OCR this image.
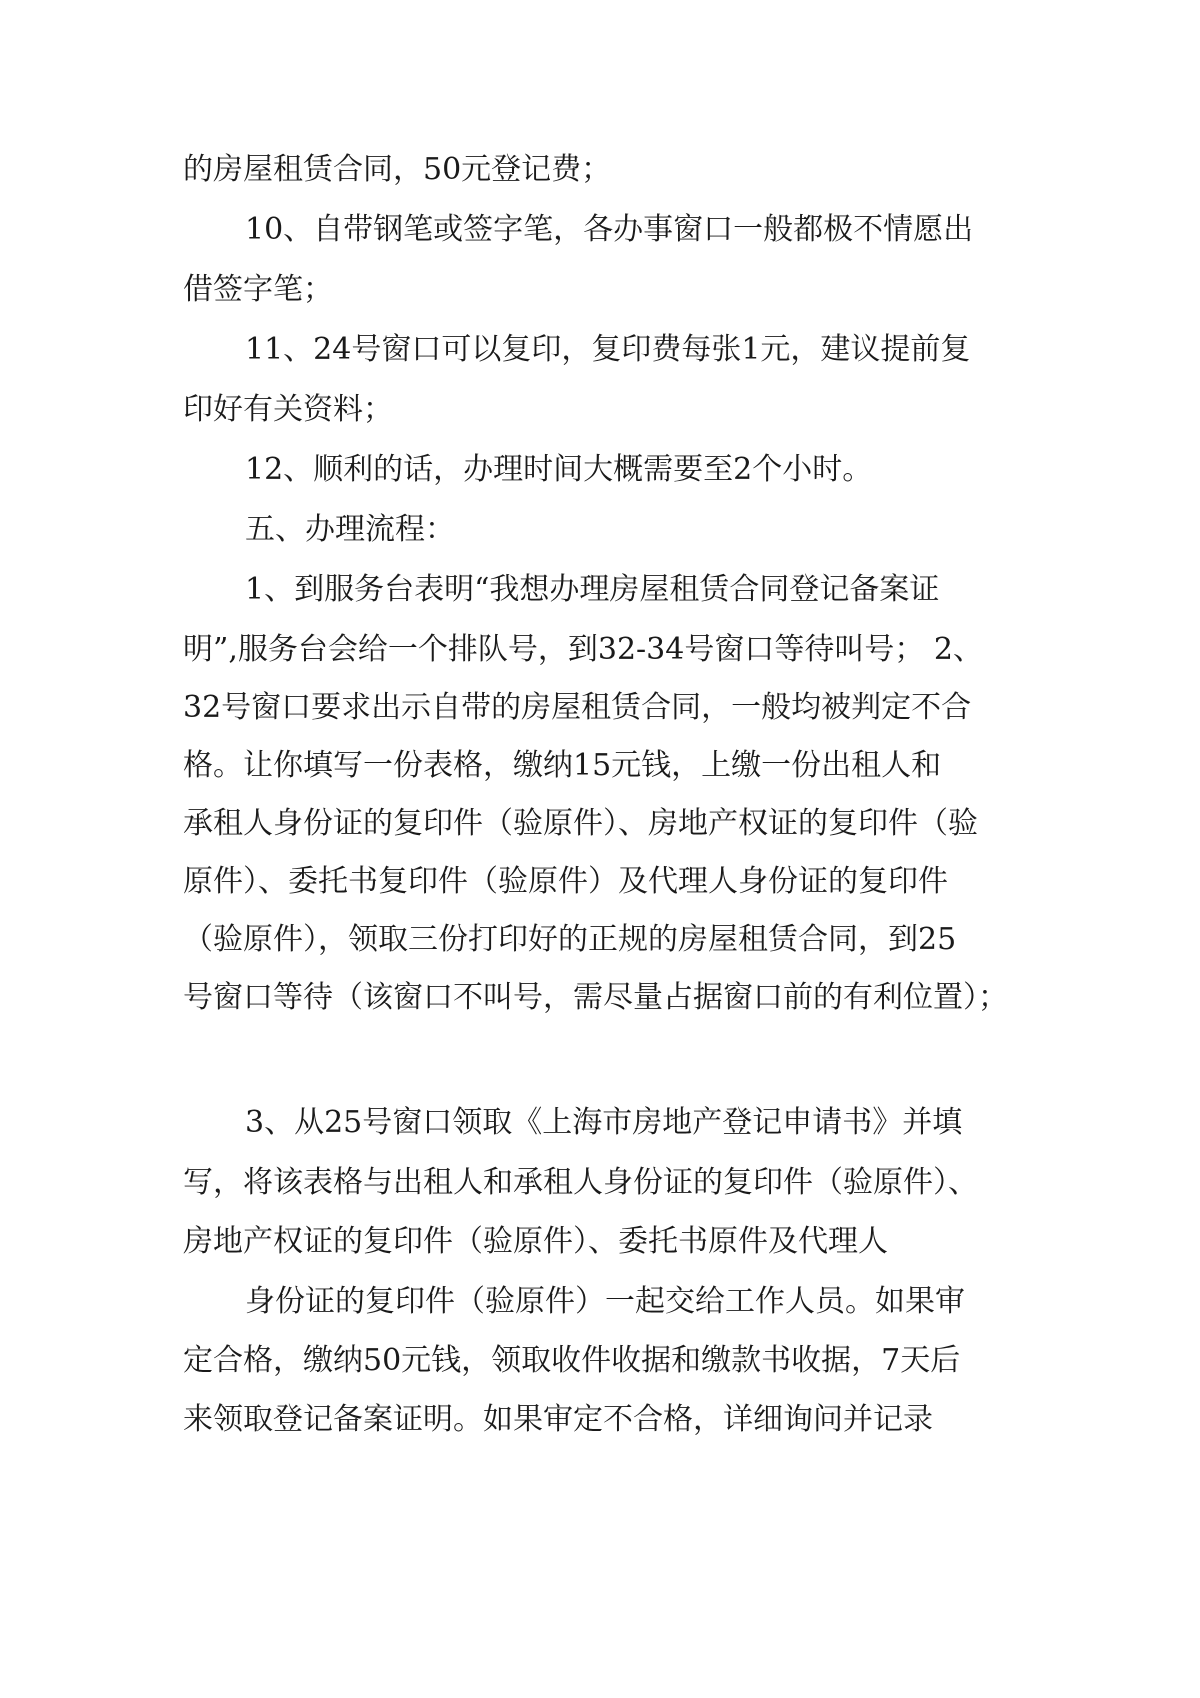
的房屋租赁合同，50元登记费；

10、自带钢笔或签字笔，各办事窗口一般都极不情愿出

借签字笔；

11、24号窗口可以复印，复印费每张1元，建议提前复

印好有关资料；

12、顺利的话，办理时间大概需要至2个小时。

五、办理流程：

1、到服务台表明“我想办理房屋租赁合同登记备案证

明”,服务台会给一个排队号，到32-34号窗口等待叫号； 2、

32号窗口要求出示自带的房屋租赁合同，一般均被判定不合

格。让你填写一份表格，缴纳15元钱，上缴一份出租人和

承租人身份证的复印件（验原件）、房地产权证的复印件（验

原件）、委托书复印件（验原件）及代理人身份证的复印件

（验原件），领取三份打印好的正规的房屋租赁合同，到25

号窗口等待（该窗口不叫号，需尽量占据窗口前的有利位置）；

3、从25号窗口领取《上海市房地产登记申请书》并填

写，将该表格与出租人和承租人身份证的复印件（验原件）、

房地产权证的复印件（验原件）、委托书原件及代理人

身份证的复印件（验原件）一起交给工作人员。如果审

定合格，缴纳50元钱，领取收件收据和缴款书收据，7天后

来领取登记备案证明。如果审定不合格，详细询问并记录
